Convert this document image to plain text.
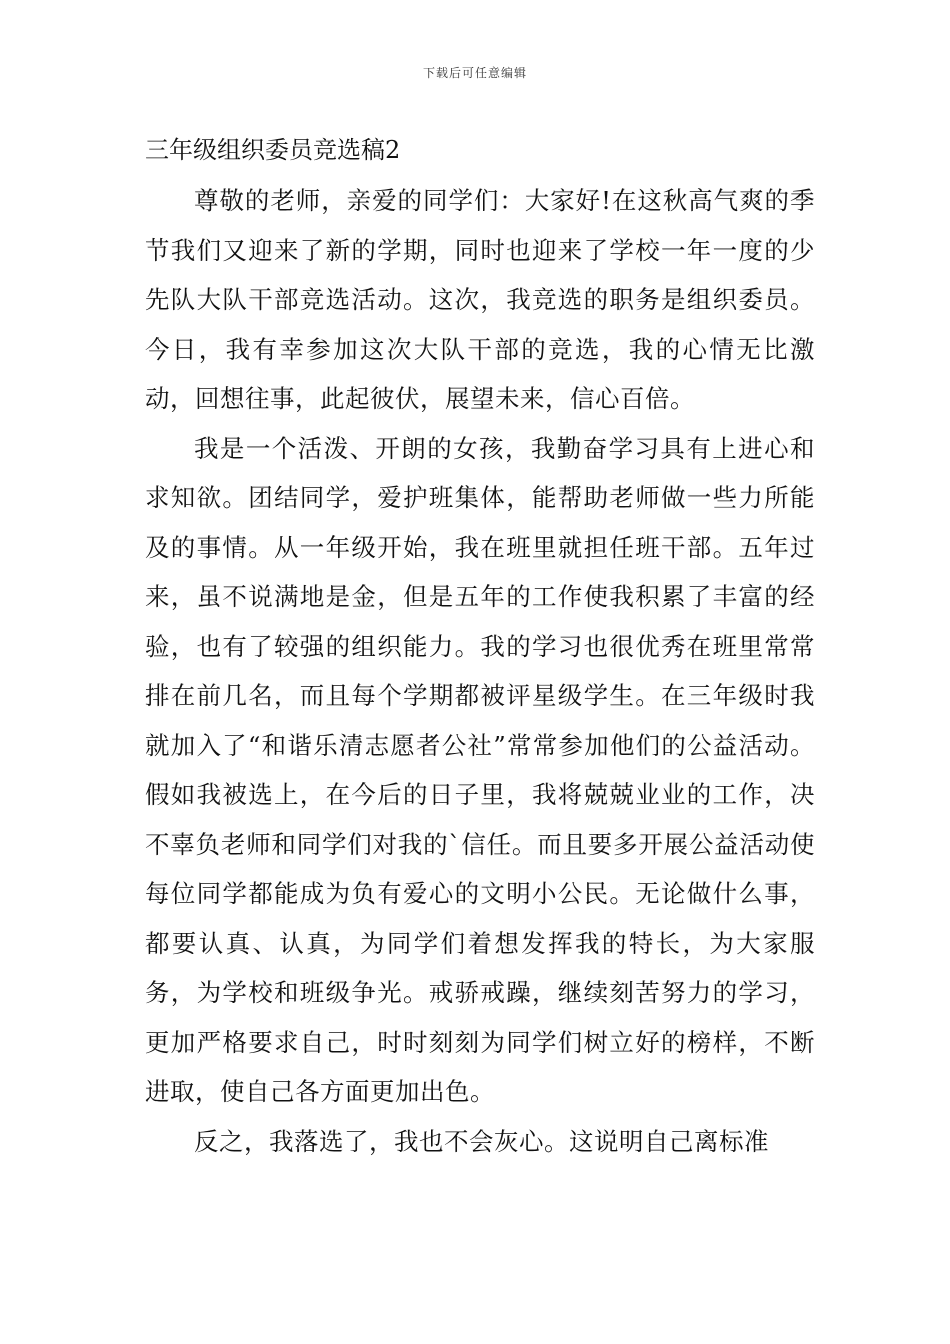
下载后可任意编辑
三年级组织委员竞选稿2

尊敬的老师，亲爱的同学们：大家好!在这秋高气爽的季节我们又迎来了新的学期，同时也迎来了学校一年一度的少先队大队干部竞选活动。这次，我竞选的职务是组织委员。今日，我有幸参加这次大队干部的竞选，我的心情无比激动，回想往事，此起彼伏，展望未来，信心百倍。

我是一个活泼、开朗的女孩，我勤奋学习具有上进心和求知欲。团结同学，爱护班集体，能帮助老师做一些力所能及的事情。从一年级开始，我在班里就担任班干部。五年过来，虽不说满地是金，但是五年的工作使我积累了丰富的经验，也有了较强的组织能力。我的学习也很优秀在班里常常排在前几名，而且每个学期都被评星级学生。在三年级时我就加入了“和谐乐清志愿者公社”常常参加他们的公益活动。假如我被选上，在今后的日子里，我将兢兢业业的工作，决不辜负老师和同学们对我的`信任。而且要多开展公益活动使每位同学都能成为负有爱心的文明小公民。无论做什么事，都要认真、认真，为同学们着想发挥我的特长，为大家服务，为学校和班级争光。戒骄戒躁，继续刻苦努力的学习，更加严格要求自己，时时刻刻为同学们树立好的榜样，不断进取，使自己各方面更加出色。

反之，我落选了，我也不会灰心。这说明自己离标准
